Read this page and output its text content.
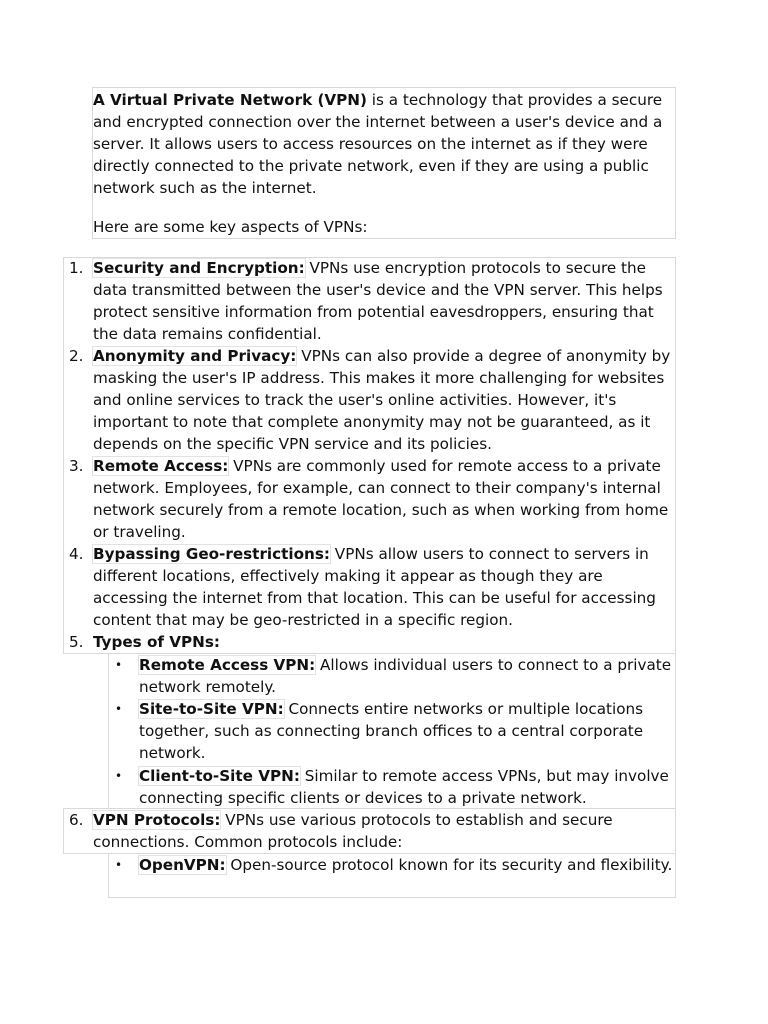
A Virtual Private Network (VPN) is a technology that provides a secure and encrypted connection over the internet between a user's device and a server. It allows users to access resources on the internet as if they were directly connected to the private network, even if they are using a public network such as the internet.

Here are some key aspects of VPNs:

1. Security and Encryption: VPNs use encryption protocols to secure the data transmitted between the user's device and the VPN server. This helps protect sensitive information from potential eavesdroppers, ensuring that the data remains confidential.

2. Anonymity and Privacy: VPNs can also provide a degree of anonymity by masking the user's IP address. This makes it more challenging for websites and online services to track the user's online activities. However, it's important to note that complete anonymity may not be guaranteed, as it depends on the specific VPN service and its policies.

3. Remote Access: VPNs are commonly used for remote access to a private network. Employees, for example, can connect to their company's internal network securely from a remote location, such as when working from home or traveling.

4. Bypassing Geo-restrictions: VPNs allow users to connect to servers in different locations, effectively making it appear as though they are accessing the internet from that location. This can be useful for accessing content that may be geo-restricted in a specific region.

5. Types of VPNs:

• Remote Access VPN: Allows individual users to connect to a private network remotely.

• Site-to-Site VPN: Connects entire networks or multiple locations together, such as connecting branch offices to a central corporate network.

• Client-to-Site VPN: Similar to remote access VPNs, but may involve connecting specific clients or devices to a private network.

6. VPN Protocols: VPNs use various protocols to establish and secure connections. Common protocols include:

• OpenVPN: Open-source protocol known for its security and flexibility.
